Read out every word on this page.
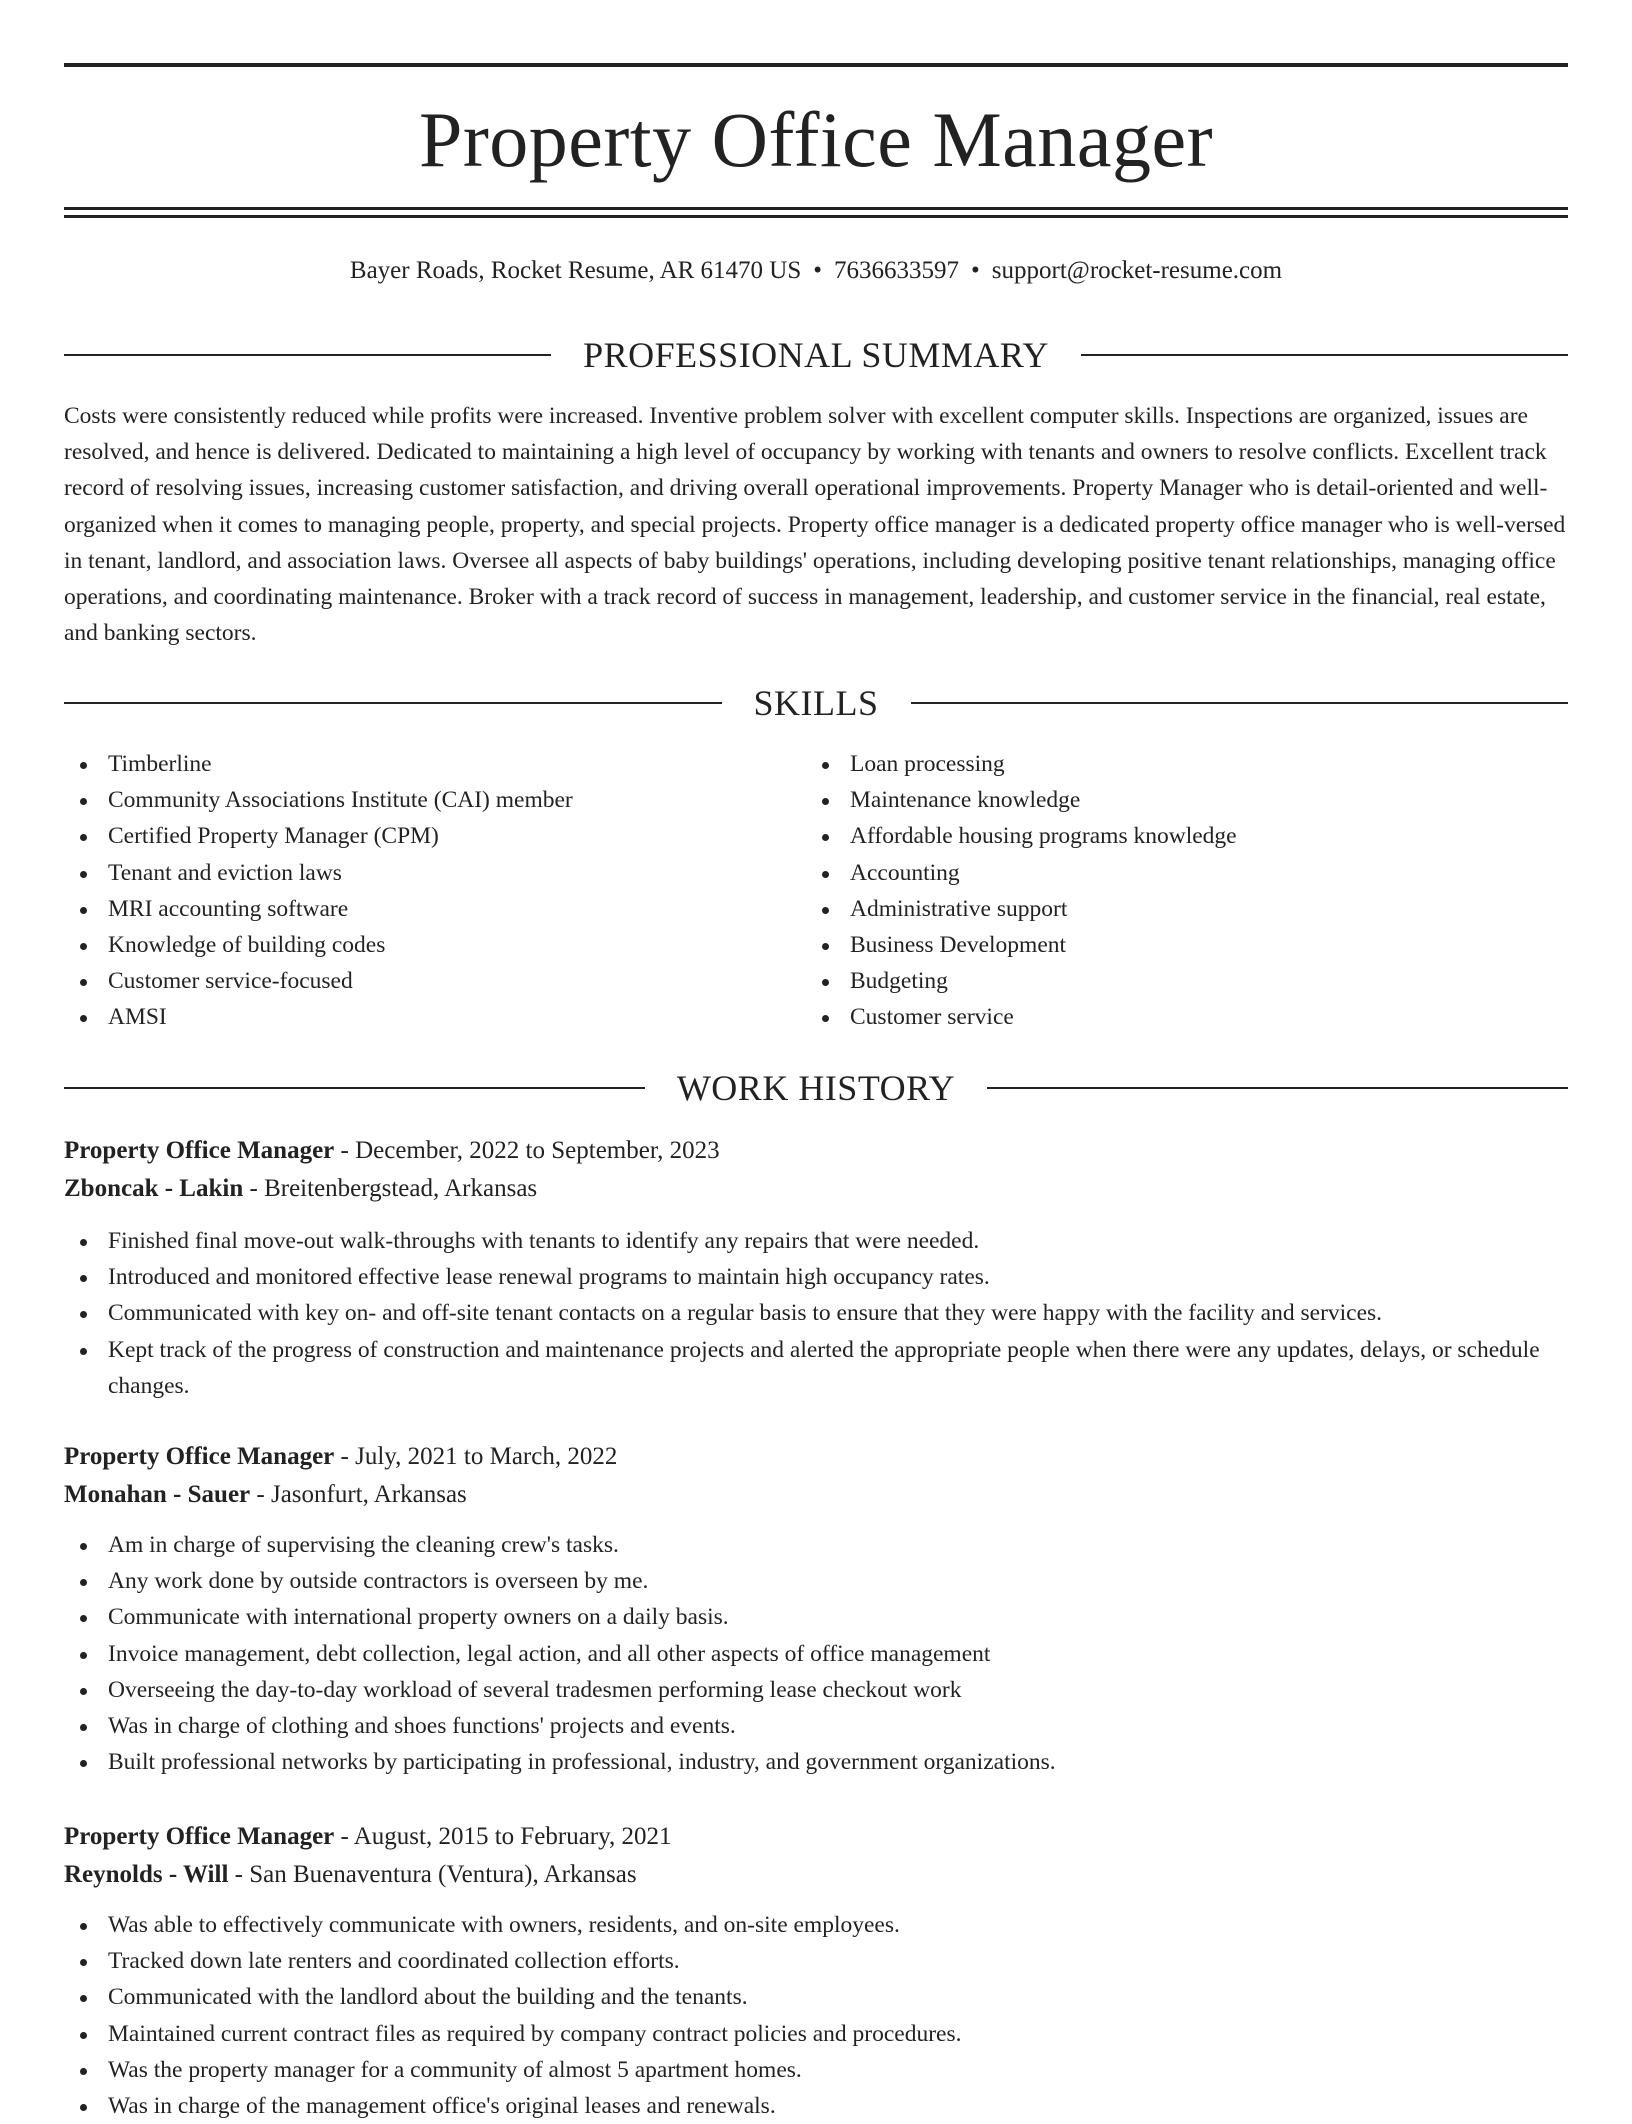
Property Office Manager
Bayer Roads, Rocket Resume, AR 61470 US • 7636633597 • support@rocket-resume.com
PROFESSIONAL SUMMARY

Costs were consistently reduced while profits were increased. Inventive problem solver with excellent computer skills. Inspections are organized, issues are resolved, and hence is delivered. Dedicated to maintaining a high level of occupancy by working with tenants and owners to resolve conflicts. Excellent track record of resolving issues, increasing customer satisfaction, and driving overall operational improvements. Property Manager who is detail-oriented and well-organized when it comes to managing people, property, and special projects. Property office manager is a dedicated property office manager who is well-versed in tenant, landlord, and association laws. Oversee all aspects of baby buildings' operations, including developing positive tenant relationships, managing office operations, and coordinating maintenance. Broker with a track record of success in management, leadership, and customer service in the financial, real estate, and banking sectors.

SKILLS
Timberline
Community Associations Institute (CAI) member
Certified Property Manager (CPM)
Tenant and eviction laws
MRI accounting software
Knowledge of building codes
Customer service-focused
AMSI
Loan processing
Maintenance knowledge
Affordable housing programs knowledge
Accounting
Administrative support
Business Development
Budgeting
Customer service
WORK HISTORY
Property Office Manager - December, 2022 to September, 2023
Zboncak - Lakin - Breitenbergstead, Arkansas
Finished final move-out walk-throughs with tenants to identify any repairs that were needed.
Introduced and monitored effective lease renewal programs to maintain high occupancy rates.
Communicated with key on- and off-site tenant contacts on a regular basis to ensure that they were happy with the facility and services.
Kept track of the progress of construction and maintenance projects and alerted the appropriate people when there were any updates, delays, or schedule changes.
Property Office Manager - July, 2021 to March, 2022
Monahan - Sauer - Jasonfurt, Arkansas
Am in charge of supervising the cleaning crew's tasks.
Any work done by outside contractors is overseen by me.
Communicate with international property owners on a daily basis.
Invoice management, debt collection, legal action, and all other aspects of office management
Overseeing the day-to-day workload of several tradesmen performing lease checkout work
Was in charge of clothing and shoes functions' projects and events.
Built professional networks by participating in professional, industry, and government organizations.
Property Office Manager - August, 2015 to February, 2021
Reynolds - Will - San Buenaventura (Ventura), Arkansas
Was able to effectively communicate with owners, residents, and on-site employees.
Tracked down late renters and coordinated collection efforts.
Communicated with the landlord about the building and the tenants.
Maintained current contract files as required by company contract policies and procedures.
Was the property manager for a community of almost 5 apartment homes.
Was in charge of the management office's original leases and renewals.
